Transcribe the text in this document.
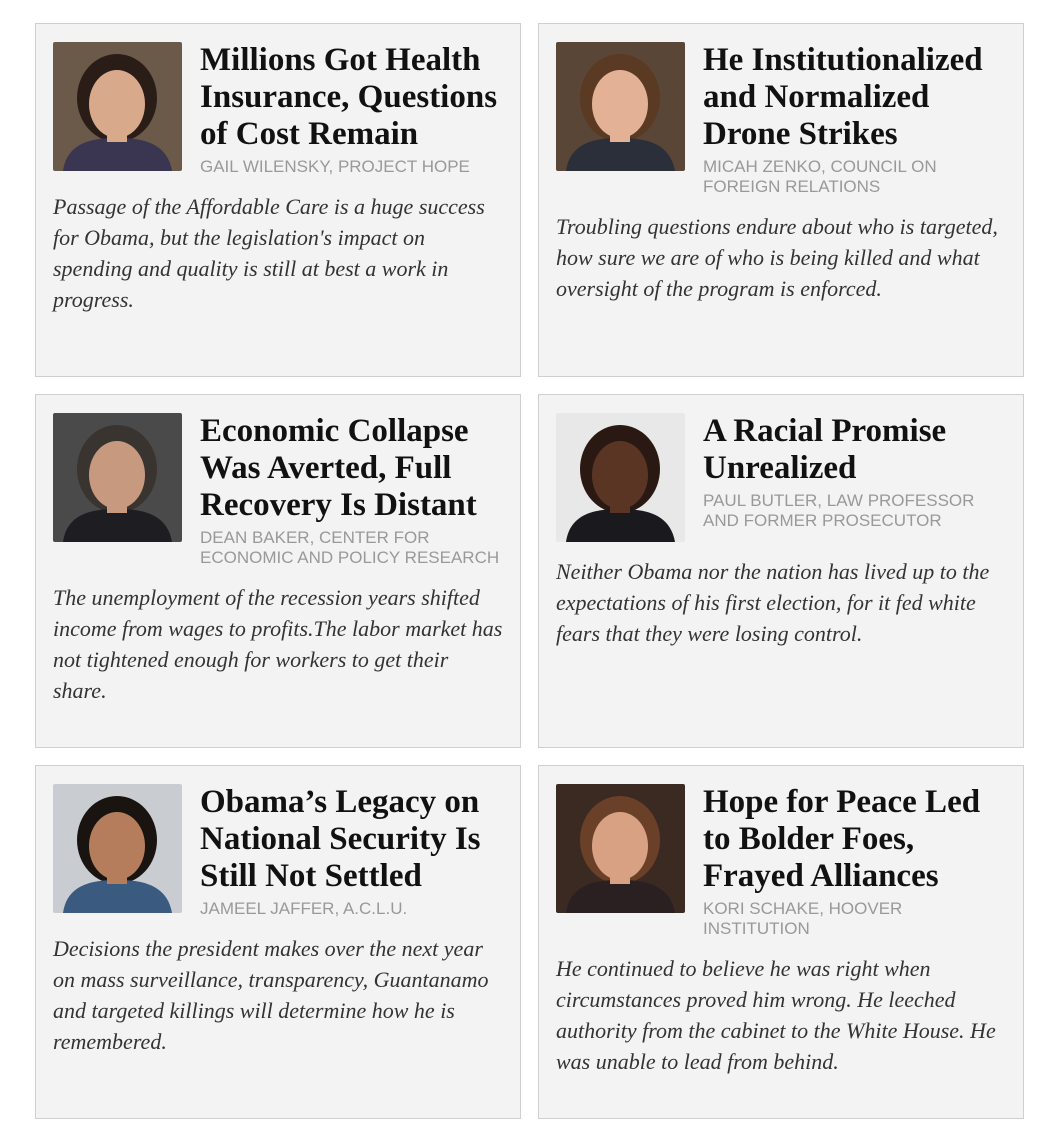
Millions Got Health Insurance, Questions of Cost Remain
GAIL WILENSKY, PROJECT HOPE
Passage of the Affordable Care is a huge success for Obama, but the legislation's impact on spending and quality is still at best a work in progress.
He Institutionalized and Normalized Drone Strikes
MICAH ZENKO, COUNCIL ON FOREIGN RELATIONS
Troubling questions endure about who is targeted, how sure we are of who is being killed and what oversight of the program is enforced.
Economic Collapse Was Averted, Full Recovery Is Distant
DEAN BAKER, CENTER FOR ECONOMIC AND POLICY RESEARCH
The unemployment of the recession years shifted income from wages to profits.The labor market has not tightened enough for workers to get their share.
A Racial Promise Unrealized
PAUL BUTLER, LAW PROFESSOR AND FORMER PROSECUTOR
Neither Obama nor the nation has lived up to the expectations of his first election, for it fed white fears that they were losing control.
Obama’s Legacy on National Security Is Still Not Settled
JAMEEL JAFFER, A.C.L.U.
Decisions the president makes over the next year on mass surveillance, transparency, Guantanamo and targeted killings will determine how he is remembered.
Hope for Peace Led to Bolder Foes, Frayed Alliances
KORI SCHAKE, HOOVER INSTITUTION
He continued to believe he was right when circumstances proved him wrong. He leeched authority from the cabinet to the White House. He was unable to lead from behind.
